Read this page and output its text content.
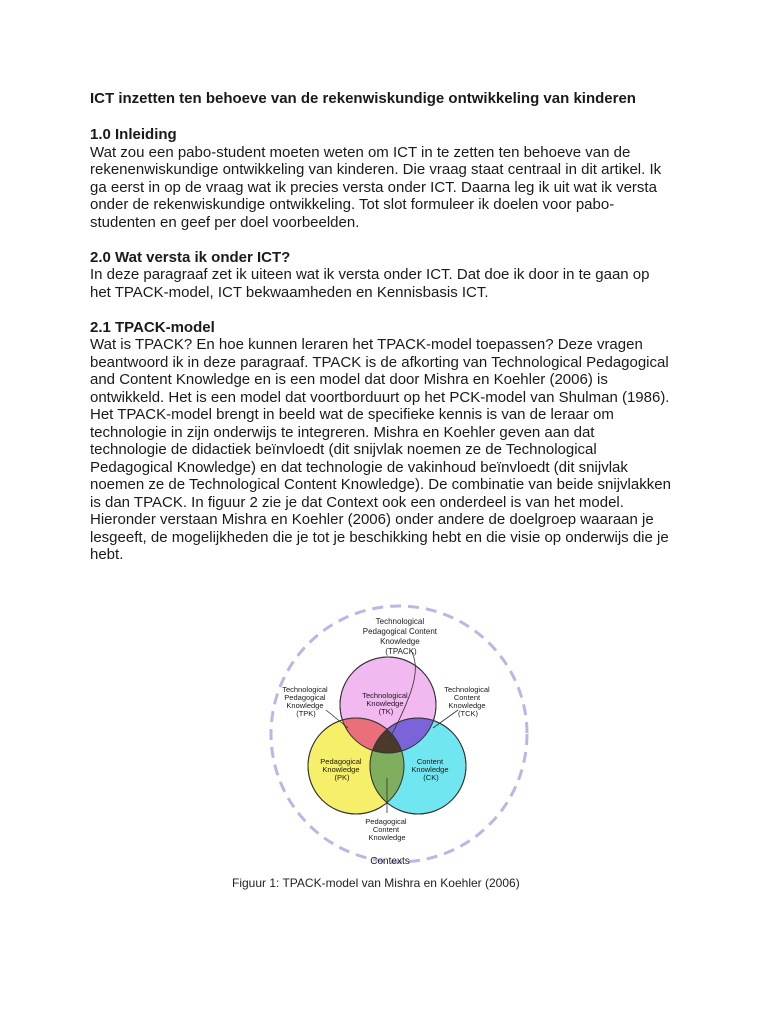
ICT inzetten ten behoeve van de rekenwiskundige ontwikkeling van kinderen
1.0 Inleiding
Wat zou een pabo-student moeten weten om ICT in te zetten ten behoeve van de
rekenenwiskundige ontwikkeling van kinderen. Die vraag staat centraal in dit artikel. Ik
ga eerst in op de vraag wat ik precies versta onder ICT. Daarna leg ik uit wat ik versta
onder de rekenwiskundige ontwikkeling. Tot slot formuleer ik doelen voor pabo-
studenten en geef per doel voorbeelden.
2.0 Wat versta ik onder ICT?
In deze paragraaf zet ik uiteen wat ik versta onder ICT. Dat doe ik door in te gaan op
het TPACK-model, ICT bekwaamheden en Kennisbasis ICT.
2.1 TPACK-model
Wat is TPACK? En hoe kunnen leraren het TPACK-model toepassen? Deze vragen
beantwoord ik in deze paragraaf. TPACK is de afkorting van Technological Pedagogical
and Content Knowledge en is een model dat door Mishra en Koehler (2006) is
ontwikkeld. Het is een model dat voortborduurt op het PCK-model van Shulman (1986).
Het TPACK-model brengt in beeld wat de specifieke kennis is van de leraar om
technologie in zijn onderwijs te integreren. Mishra en Koehler geven aan dat
technologie de didactiek beïnvloedt (dit snijvlak noemen ze de Technological
Pedagogical Knowledge) en dat technologie de vakinhoud beïnvloedt (dit snijvlak
noemen ze de Technological Content Knowledge). De combinatie van beide snijvlakken
is dan TPACK. In figuur 2 zie je dat Context ook een onderdeel is van het model.
Hieronder verstaan Mishra en Koehler (2006) onder andere de doelgroep waaraan je
lesgeeft, de mogelijkheden die je tot je beschikking hebt en die visie op onderwijs die je
hebt.
Technological Pedagogical Content Knowledge (TPACK)
Technological Knowledge (TK)
Pedagogical Knowledge (PK)
Content Knowledge (CK)
Technological Pedagogical Knowledge (TPK)
Technological Content Knowledge (TCK)
Pedagogical Content Knowledge
Contexts
Figuur 1: TPACK-model van Mishra en Koehler (2006)
